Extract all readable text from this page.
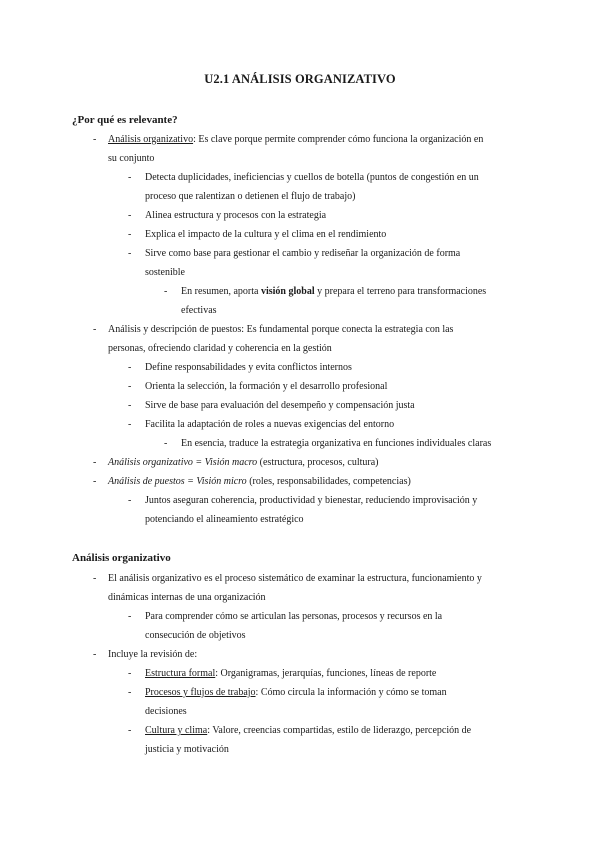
U2.1 ANÁLISIS ORGANIZATIVO
¿Por qué es relevante?
- Análisis organizativo: Es clave porque permite comprender cómo funciona la organización en
su conjunto
- Detecta duplicidades, ineficiencias y cuellos de botella (puntos de congestión en un
proceso que ralentizan o detienen el flujo de trabajo)
- Alinea estructura y procesos con la estrategia
- Explica el impacto de la cultura y el clima en el rendimiento
- Sirve como base para gestionar el cambio y rediseñar la organización de forma
sostenible
- En resumen, aporta visión global y prepara el terreno para transformaciones
efectivas
- Análisis y descripción de puestos: Es fundamental porque conecta la estrategia con las
personas, ofreciendo claridad y coherencia en la gestión
- Define responsabilidades y evita conflictos internos
- Orienta la selección, la formación y el desarrollo profesional
- Sirve de base para evaluación del desempeño y compensación justa
- Facilita la adaptación de roles a nuevas exigencias del entorno
- En esencia, traduce la estrategia organizativa en funciones individuales claras
- Análisis organizativo = Visión macro (estructura, procesos, cultura)
- Análisis de puestos = Visión micro (roles, responsabilidades, competencias)
- Juntos aseguran coherencia, productividad y bienestar, reduciendo improvisación y
potenciando el alineamiento estratégico
Análisis organizativo
- El análisis organizativo es el proceso sistemático de examinar la estructura, funcionamiento y
dinámicas internas de una organización
- Para comprender cómo se articulan las personas, procesos y recursos en la
consecución de objetivos
- Incluye la revisión de:
- Estructura formal: Organigramas, jerarquías, funciones, líneas de reporte
- Procesos y flujos de trabajo: Cómo circula la información y cómo se toman
decisiones
- Cultura y clima: Valore, creencias compartidas, estilo de liderazgo, percepción de
justicia y motivación
